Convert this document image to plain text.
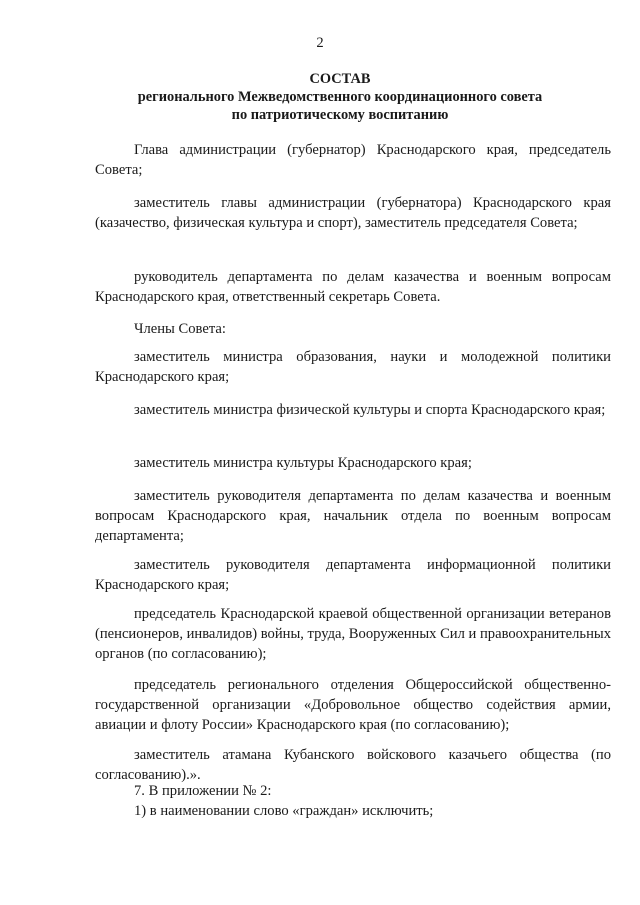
2
СОСТАВ
регионального Межведомственного координационного совета
по патриотическому воспитанию

Глава администрации (губернатор) Краснодарского края, председатель Совета;

заместитель главы администрации (губернатора) Краснодарского края (казачество, физическая культура и спорт), заместитель председателя Совета;

руководитель департамента по делам казачества и военным вопросам Краснодарского края, ответственный секретарь Совета.

Члены Совета:

заместитель министра образования, науки и молодежной политики Краснодарского края;

заместитель министра физической культуры и спорта Краснодарского края;

заместитель министра культуры Краснодарского края;

заместитель руководителя департамента по делам казачества и военным вопросам Краснодарского края, начальник отдела по военным вопросам департамента;

заместитель руководителя департамента информационной политики Краснодарского края;

председатель Краснодарской краевой общественной организации ветеранов (пенсионеров, инвалидов) войны, труда, Вооруженных Сил и правоохранительных органов (по согласованию);

председатель регионального отделения Общероссийской общественно-государственной организации «Добровольное общество содействия армии, авиации и флоту России» Краснодарского края (по согласованию);

заместитель атамана Кубанского войскового казачьего общества (по согласованию).».

7. В приложении № 2:

1) в наименовании слово «граждан» исключить;
